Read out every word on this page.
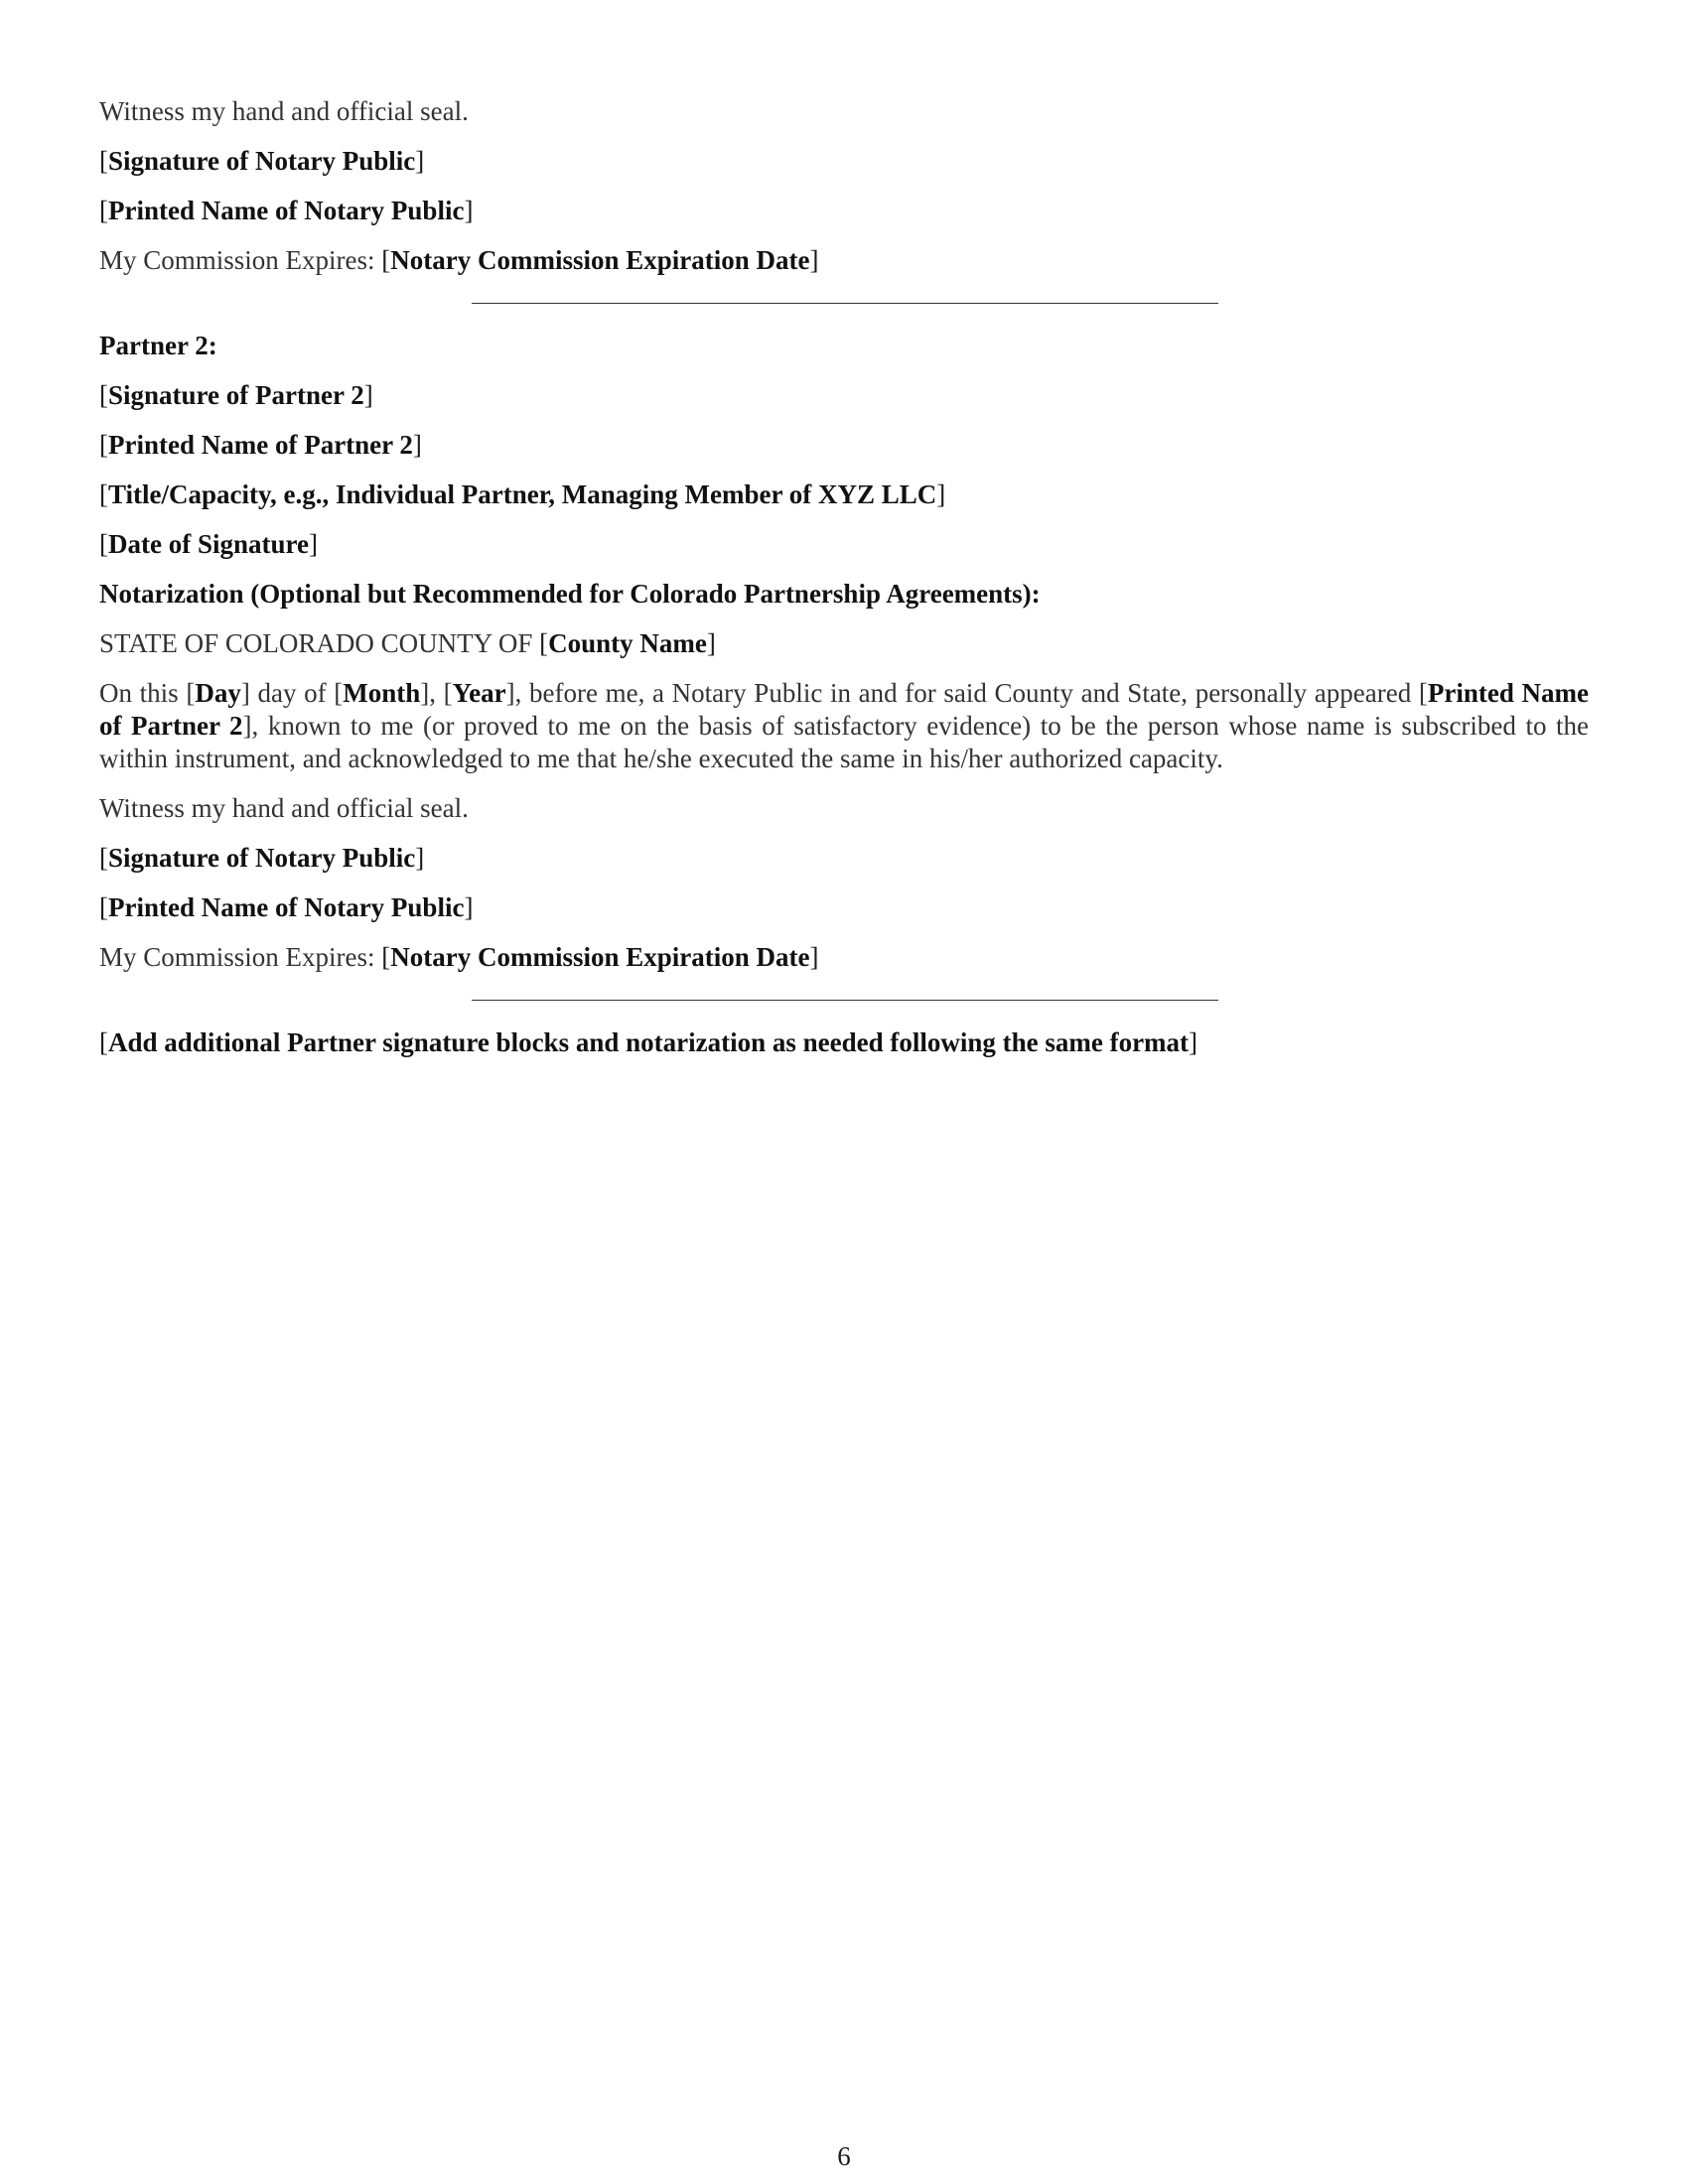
Witness my hand and official seal.
[Signature of Notary Public]
[Printed Name of Notary Public]
My Commission Expires: [Notary Commission Expiration Date]
Partner 2:
[Signature of Partner 2]
[Printed Name of Partner 2]
[Title/Capacity, e.g., Individual Partner, Managing Member of XYZ LLC]
[Date of Signature]
Notarization (Optional but Recommended for Colorado Partnership Agreements):
STATE OF COLORADO COUNTY OF [County Name]
On this [Day] day of [Month], [Year], before me, a Notary Public in and for said County and State, personally appeared [Printed Name of Partner 2], known to me (or proved to me on the basis of satisfactory evidence) to be the person whose name is subscribed to the within instrument, and acknowledged to me that he/she executed the same in his/her authorized capacity.
Witness my hand and official seal.
[Signature of Notary Public]
[Printed Name of Notary Public]
My Commission Expires: [Notary Commission Expiration Date]
[Add additional Partner signature blocks and notarization as needed following the same format]
6
